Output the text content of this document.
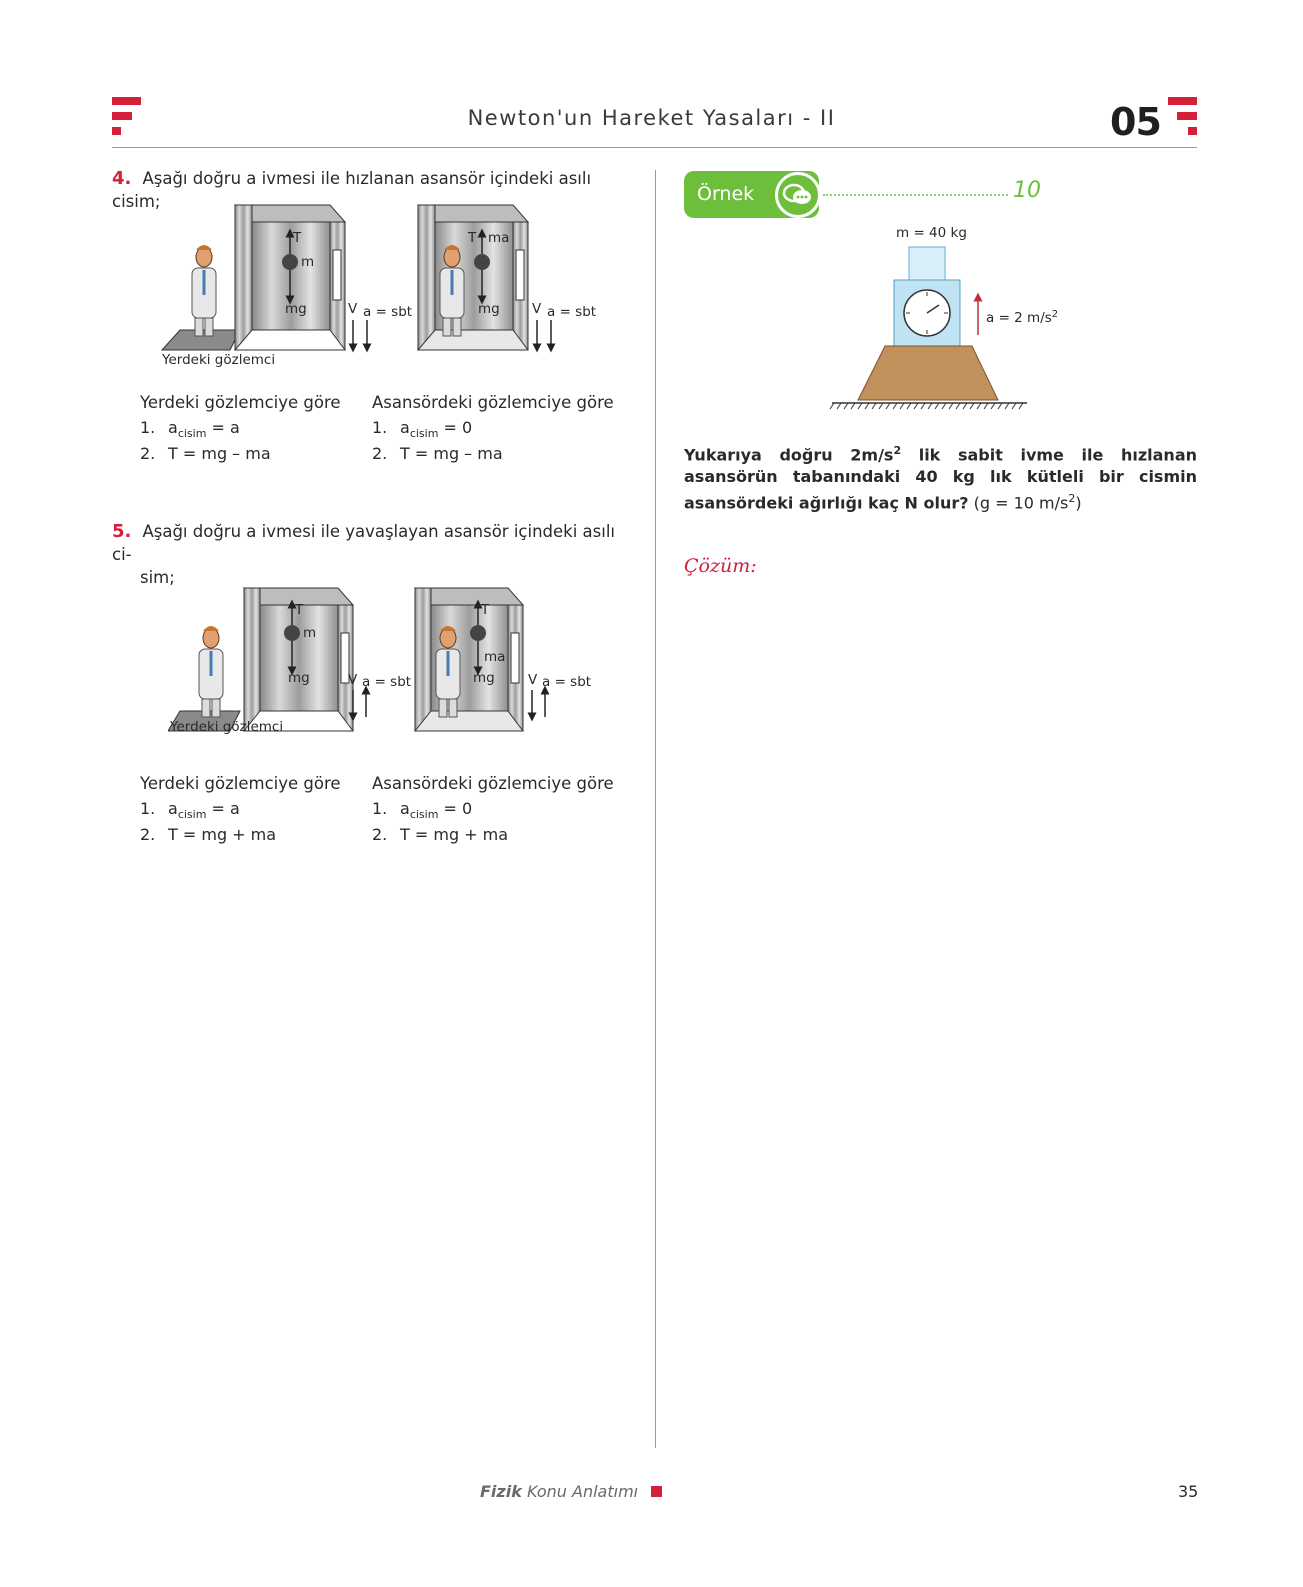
Newton'un Hareket Yasaları - II	05
4. Aşağı doğru a ivmesi ile hızlanan asansör içindeki asılı cisim;
T
m
mg	V a = sbt
Yerdeki gözlemci
T ma
mg V a = sbt
Yerdeki gözlemciye göre
1. $a_{cisim} = a$
2. T = mg – ma
Asansördeki gözlemciye göre
1. $a_{cisim} = 0$
2. T = mg – ma
5. Aşağı doğru a ivmesi ile yavaşlayan asansör içindeki asılı ci-
sim;
T
m
mg	V a = sbt
Yerdeki gözlemci
T
ma
mg V a = sbt
Yerdeki gözlemciye göre
1. $a_{cisim} = a$
2. T = mg + ma
Asansördeki gözlemciye göre
1. $a_{cisim} = 0$
2. T = mg + ma
Örnek	10
m = 40 kg
a = 2 $m/s^2$
Yukarıya doğru $2m/s^2$ lik sabit ivme ile hızlanan asansörün tabanındaki 40 kg lık kütleli bir cismin asansördeki ağırlığı kaç N olur? (g = 10 $m/s^2$)
Çözüm:
Fizik Konu Anlatımı	35
